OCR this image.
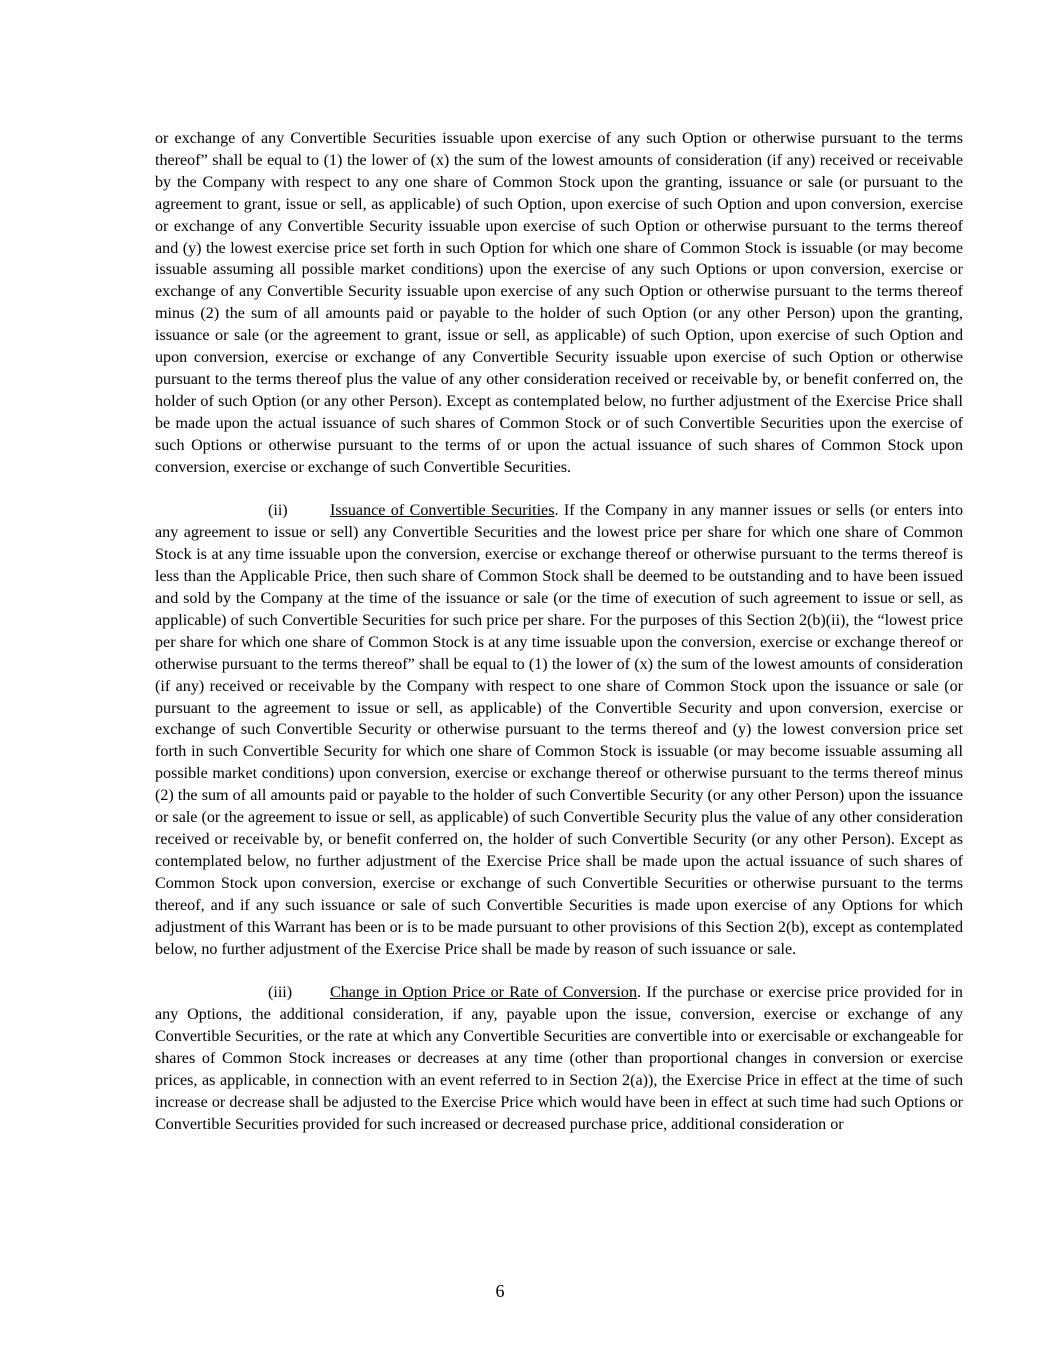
or exchange of any Convertible Securities issuable upon exercise of any such Option or otherwise pursuant to the terms thereof” shall be equal to (1) the lower of (x) the sum of the lowest amounts of consideration (if any) received or receivable by the Company with respect to any one share of Common Stock upon the granting, issuance or sale (or pursuant to the agreement to grant, issue or sell, as applicable) of such Option, upon exercise of such Option and upon conversion, exercise or exchange of any Convertible Security issuable upon exercise of such Option or otherwise pursuant to the terms thereof and (y) the lowest exercise price set forth in such Option for which one share of Common Stock is issuable (or may become issuable assuming all possible market conditions) upon the exercise of any such Options or upon conversion, exercise or exchange of any Convertible Security issuable upon exercise of any such Option or otherwise pursuant to the terms thereof minus (2) the sum of all amounts paid or payable to the holder of such Option (or any other Person) upon the granting, issuance or sale (or the agreement to grant, issue or sell, as applicable) of such Option, upon exercise of such Option and upon conversion, exercise or exchange of any Convertible Security issuable upon exercise of such Option or otherwise pursuant to the terms thereof plus the value of any other consideration received or receivable by, or benefit conferred on, the holder of such Option (or any other Person). Except as contemplated below, no further adjustment of the Exercise Price shall be made upon the actual issuance of such shares of Common Stock or of such Convertible Securities upon the exercise of such Options or otherwise pursuant to the terms of or upon the actual issuance of such shares of Common Stock upon conversion, exercise or exchange of such Convertible Securities.

(ii)	Issuance of Convertible Securities. If the Company in any manner issues or sells (or enters into any agreement to issue or sell) any Convertible Securities and the lowest price per share for which one share of Common Stock is at any time issuable upon the conversion, exercise or exchange thereof or otherwise pursuant to the terms thereof is less than the Applicable Price, then such share of Common Stock shall be deemed to be outstanding and to have been issued and sold by the Company at the time of the issuance or sale (or the time of execution of such agreement to issue or sell, as applicable) of such Convertible Securities for such price per share. For the purposes of this Section 2(b)(ii), the “lowest price per share for which one share of Common Stock is at any time issuable upon the conversion, exercise or exchange thereof or otherwise pursuant to the terms thereof” shall be equal to (1) the lower of (x) the sum of the lowest amounts of consideration (if any) received or receivable by the Company with respect to one share of Common Stock upon the issuance or sale (or pursuant to the agreement to issue or sell, as applicable) of the Convertible Security and upon conversion, exercise or exchange of such Convertible Security or otherwise pursuant to the terms thereof and (y) the lowest conversion price set forth in such Convertible Security for which one share of Common Stock is issuable (or may become issuable assuming all possible market conditions) upon conversion, exercise or exchange thereof or otherwise pursuant to the terms thereof minus (2) the sum of all amounts paid or payable to the holder of such Convertible Security (or any other Person) upon the issuance or sale (or the agreement to issue or sell, as applicable) of such Convertible Security plus the value of any other consideration received or receivable by, or benefit conferred on, the holder of such Convertible Security (or any other Person). Except as contemplated below, no further adjustment of the Exercise Price shall be made upon the actual issuance of such shares of Common Stock upon conversion, exercise or exchange of such Convertible Securities or otherwise pursuant to the terms thereof, and if any such issuance or sale of such Convertible Securities is made upon exercise of any Options for which adjustment of this Warrant has been or is to be made pursuant to other provisions of this Section 2(b), except as contemplated below, no further adjustment of the Exercise Price shall be made by reason of such issuance or sale.

(iii) Change in Option Price or Rate of Conversion. If the purchase or exercise price provided for in any Options, the additional consideration, if any, payable upon the issue, conversion, exercise or exchange of any Convertible Securities, or the rate at which any Convertible Securities are convertible into or exercisable or exchangeable for shares of Common Stock increases or decreases at any time (other than proportional changes in conversion or exercise prices, as applicable, in connection with an event referred to in Section 2(a)), the Exercise Price in effect at the time of such increase or decrease shall be adjusted to the Exercise Price which would have been in effect at such time had such Options or Convertible Securities provided for such increased or decreased purchase price, additional consideration or

6
